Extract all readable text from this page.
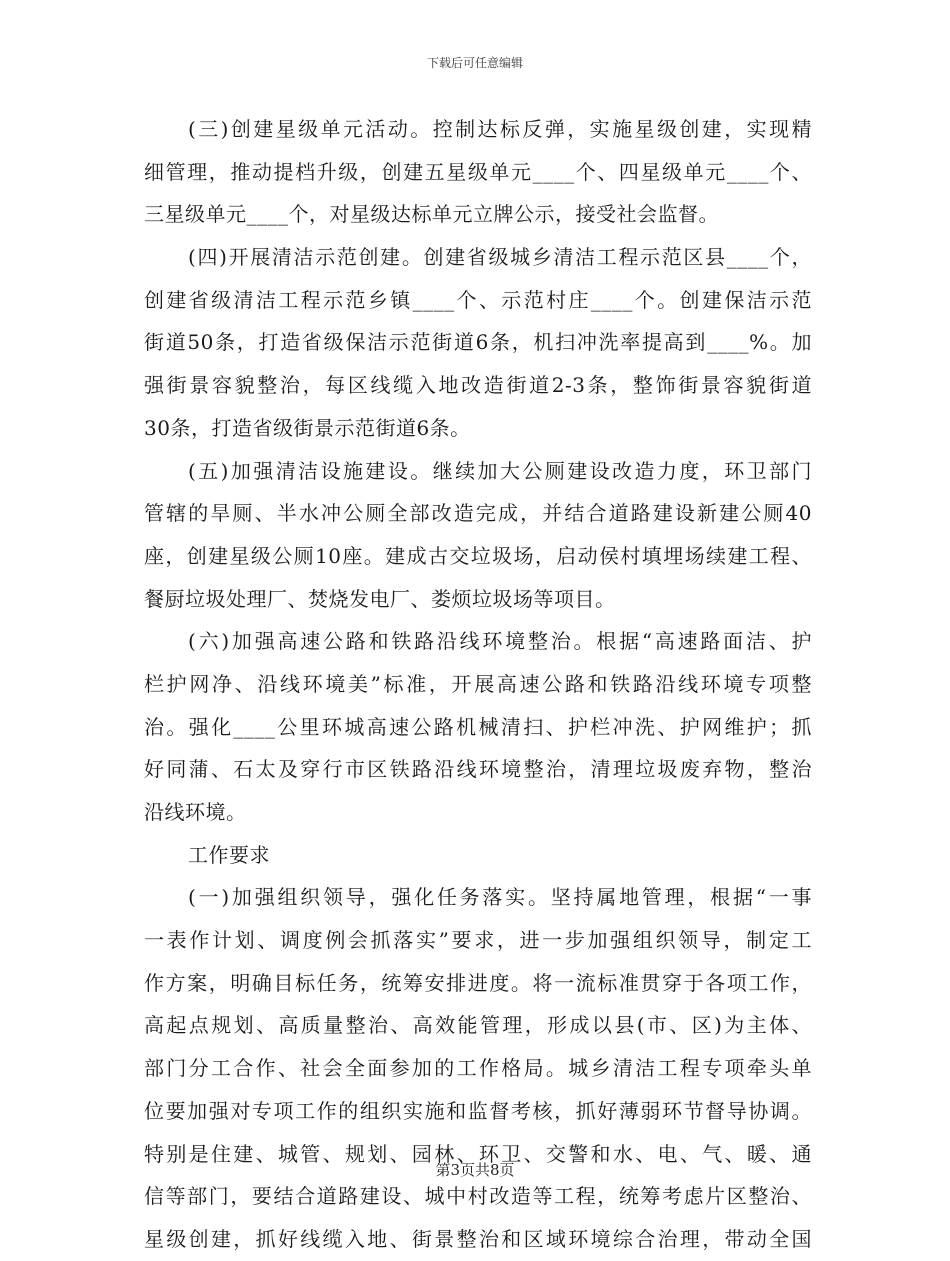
下载后可任意编辑
(三)创建星级单元活动。控制达标反弹，实施星级创建，实现精
细管理，推动提档升级，创建五星级单元____个、四星级单元____个、
三星级单元____个，对星级达标单元立牌公示，接受社会监督。
(四)开展清洁示范创建。创建省级城乡清洁工程示范区县____个，
创建省级清洁工程示范乡镇____个、示范村庄____个。创建保洁示范
街道50条，打造省级保洁示范街道6条，机扫冲洗率提高到____%。加
强街景容貌整治，每区线缆入地改造街道2-3条，整饰街景容貌街道
30条，打造省级街景示范街道6条。
(五)加强清洁设施建设。继续加大公厕建设改造力度，环卫部门
管辖的旱厕、半水冲公厕全部改造完成，并结合道路建设新建公厕40
座，创建星级公厕10座。建成古交垃圾场，启动侯村填埋场续建工程、
餐厨垃圾处理厂、焚烧发电厂、娄烦垃圾场等项目。
(六)加强高速公路和铁路沿线环境整治。根据“高速路面洁、护
栏护网净、沿线环境美”标准，开展高速公路和铁路沿线环境专项整
治。强化____公里环城高速公路机械清扫、护栏冲洗、护网维护；抓
好同蒲、石太及穿行市区铁路沿线环境整治，清理垃圾废弃物，整治
沿线环境。
工作要求
(一)加强组织领导，强化任务落实。坚持属地管理，根据“一事
一表作计划、调度例会抓落实”要求，进一步加强组织领导，制定工
作方案，明确目标任务，统筹安排进度。将一流标准贯穿于各项工作，
高起点规划、高质量整治、高效能管理，形成以县(市、区)为主体、
部门分工合作、社会全面参加的工作格局。城乡清洁工程专项牵头单
位要加强对专项工作的组织实施和监督考核，抓好薄弱环节督导协调。
特别是住建、城管、规划、园林、环卫、交警和水、电、气、暖、通
信等部门，要结合道路建设、城中村改造等工程，统筹考虑片区整治、
星级创建，抓好线缆入地、街景整治和区域环境综合治理，带动全国
第3页共8页
